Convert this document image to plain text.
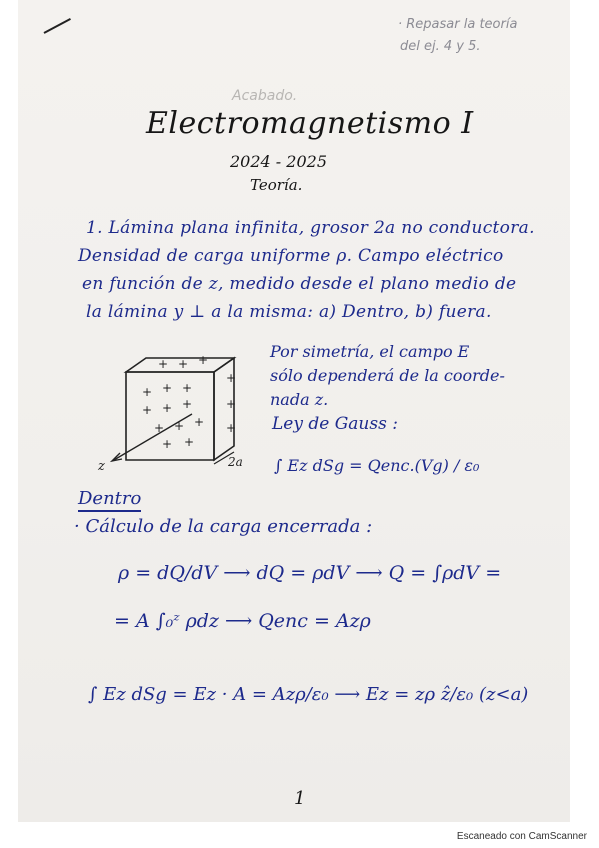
· Repasar la teoría
del ej. 4 y 5.
Acabado.
Electromagnetismo I
2024 - 2025
Teoría.
1. Lámina plana infinita, grosor 2a no conductora.
Densidad de carga uniforme ρ. Campo eléctrico
en función de z, medido desde el plano medio de
la lámina y ⊥ a la misma: a) Dentro, b) fuera.
+ + +
+ + +
+ + +
+ + +
+ +
+
+
+
z	2a
Por simetría, el campo E
sólo dependerá de la coorde-
nada z.
Ley de Gauss :
∫ Ez dSg = Qenc.(Vg) / ε₀
Dentro
· Cálculo de la carga encerrada :
ρ = dQ/dV ⟶ dQ = ρdV ⟶ Q = ∫ρdV =
= A ∫₀ᶻ ρdz ⟶ Qenc = Azρ
∫ Ez dSg = Ez · A = Azρ/ε₀ ⟶ Ez = zρ ẑ/ε₀ (z<a)
1
Escaneado con CamScanner
